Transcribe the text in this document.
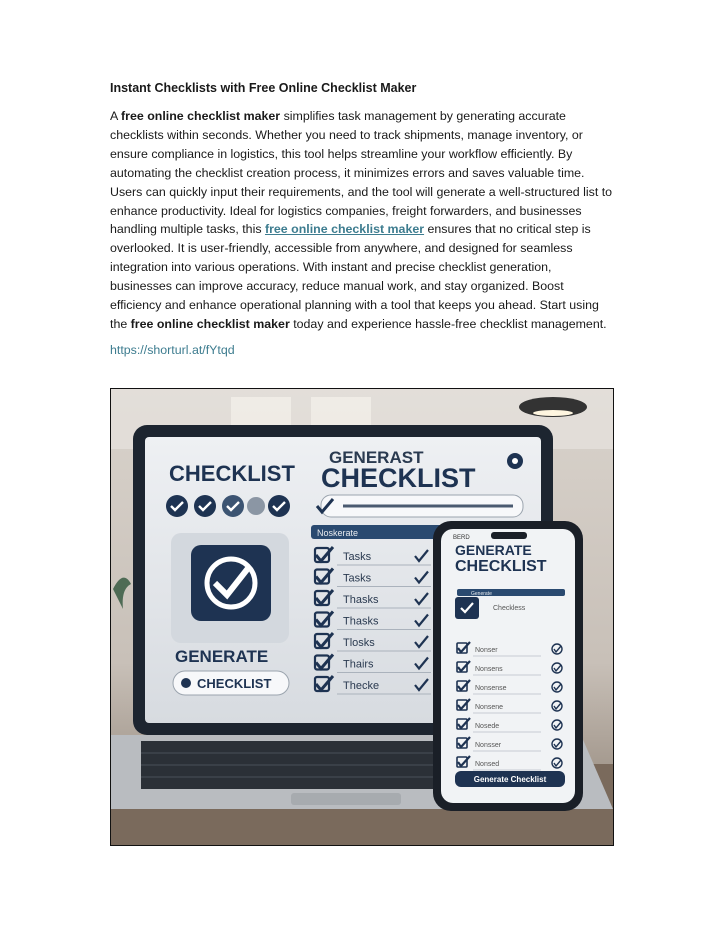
Instant Checklists with Free Online Checklist Maker

A free online checklist maker simplifies task management by generating accurate checklists within seconds. Whether you need to track shipments, manage inventory, or ensure compliance in logistics, this tool helps streamline your workflow efficiently. By automating the checklist creation process, it minimizes errors and saves valuable time. Users can quickly input their requirements, and the tool will generate a well-structured list to enhance productivity. Ideal for logistics companies, freight forwarders, and businesses handling multiple tasks, this free online checklist maker ensures that no critical step is overlooked. It is user-friendly, accessible from anywhere, and designed for seamless integration into various operations. With instant and precise checklist generation, businesses can improve accuracy, reduce manual work, and stay organized. Boost efficiency and enhance operational planning with a tool that keeps you ahead. Start using the free online checklist maker today and experience hassle-free checklist management.

https://shorturl.at/fYtqd
CHECKLIST
GENERAST
CHECKLIST
GENERATE
CHECKLIST
Noskerate
Tasks
Tasks
Thasks
Thasks
Tlosks
Thairs
Thecke
BERD
GENERATE
CHECKLIST
Generate
Checkless
Nonser
Nonsens
Nonsense
Nonsene
Nosede
Nonsser
Nonsed
Generate Checklist
